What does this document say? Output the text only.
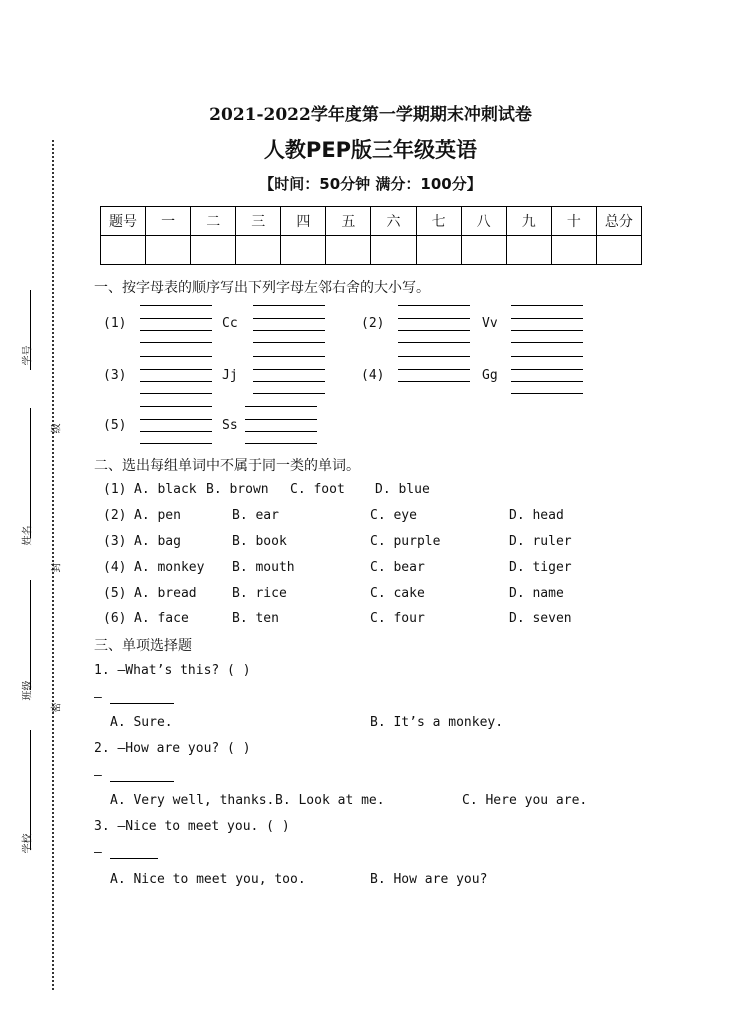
学号
级
姓名
封
班级
密
学校
2021-2022学年度第一学期期末冲刺试卷
人教PEP版三年级英语
【时间：50分钟 满分：100分】
题号	一	二	三	四	五	六	七	八	九	十	总分

一、按字母表的顺序写出下列字母左邻右舍的大小写。
(1)	Cc	(2)	Vv
(3)	Jj	(4)	Gg
(5)	Ss
二、选出每组单词中不属于同一类的单词。
(1) A. black B. brown C. foot D. blue
(2) A. pen	B. ear	C. eye	D. head
(3) A. bag	B. book	C. purple	D. ruler
(4) A. monkey B. mouth	C. bear	D. tiger
(5) A. bread	B. rice	C. cake	D. name
(6) A. face	B. ten	C. four	D. seven
三、单项选择题
1. —What’s this? ( )
—
A. Sure.	B. It’s a monkey.
2. —How are you? ( )
—
A. Very well, thanks. B. Look at me.	C. Here you are.
3. —Nice to meet you. ( )
—
A. Nice to meet you, too.	B. How are you?
